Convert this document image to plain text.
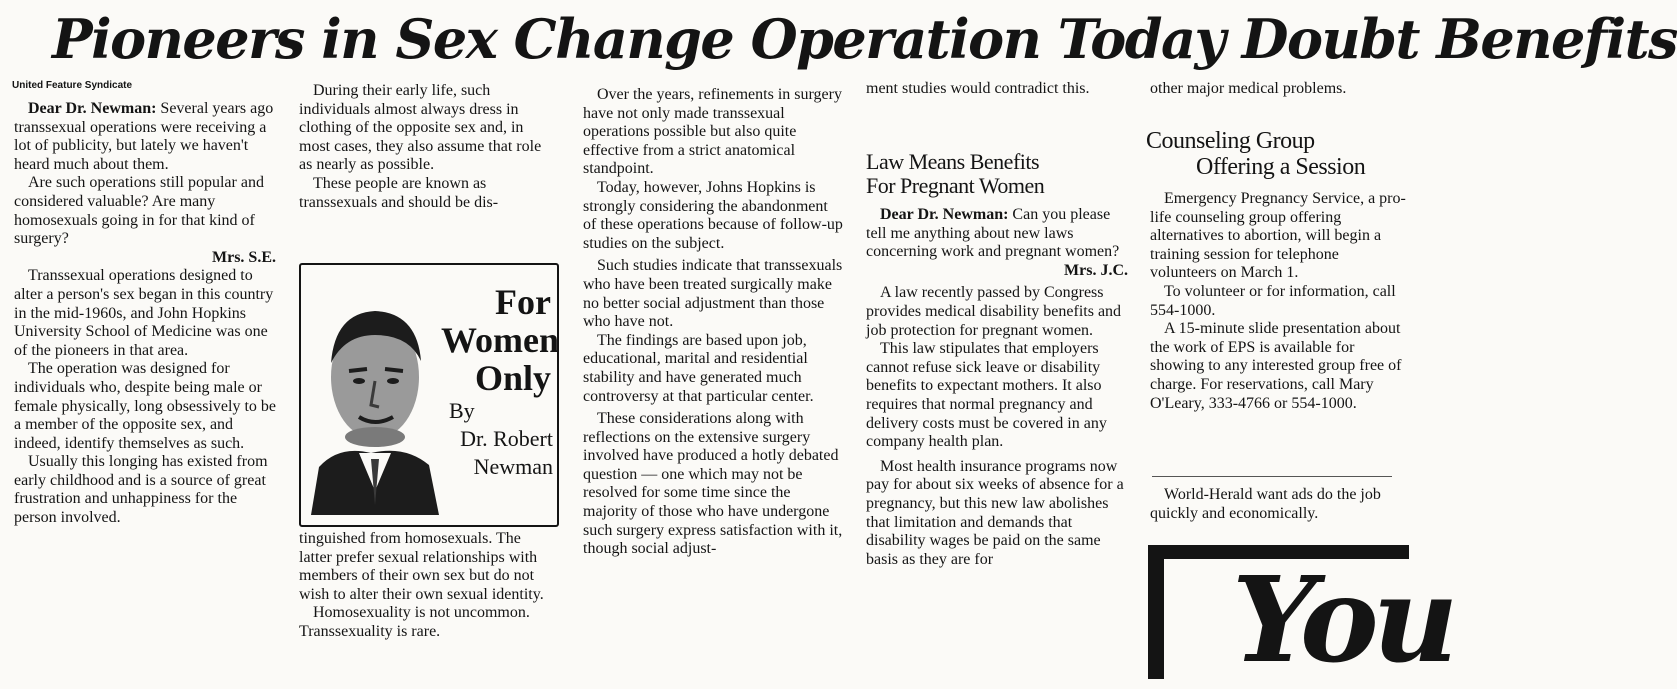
Pioneers in Sex Change Operation Today Doubt Benefits
United Feature Syndicate

Dear Dr. Newman: Several years ago transsexual operations were receiving a lot of publicity, but lately we haven't heard much about them.

Are such operations still popular and considered valuable? Are many homosexuals going in for that kind of surgery?

Mrs. S.E.

Transsexual operations designed to alter a person's sex began in this country in the mid-1960s, and John Hopkins University School of Medicine was one of the pioneers in that area.

The operation was designed for individuals who, despite being male or female physically, long obsessively to be a member of the opposite sex, and indeed, identify themselves as such.

Usually this longing has existed from early childhood and is a source of great frustration and unhappiness for the person involved.

During their early life, such individuals almost always dress in clothing of the opposite sex and, in most cases, they also assume that role as nearly as possible.

These people are known as transsexuals and should be dis-

For Women Only
By
Dr. Robert Newman

tinguished from homosexuals. The latter prefer sexual relationships with members of their own sex but do not wish to alter their own sexual identity.

Homosexuality is not uncommon. Transsexuality is rare.

Over the years, refinements in surgery have not only made transsexual operations possible but also quite effective from a strict anatomical standpoint.

Today, however, Johns Hopkins is strongly considering the abandonment of these operations because of follow-up studies on the subject.

Such studies indicate that transsexuals who have been treated surgically make no better social adjustment than those who have not.

The findings are based upon job, educational, marital and residential stability and have generated much controversy at that particular center.

These considerations along with reflections on the extensive surgery involved have produced a hotly debated question — one which may not be resolved for some time since the majority of those who have undergone such surgery express satisfaction with it, though social adjust-

ment studies would contradict this.

Law Means Benefits
For Pregnant Women

Dear Dr. Newman: Can you please tell me anything about new laws concerning work and pregnant women?

Mrs. J.C.

A law recently passed by Congress provides medical disability benefits and job protection for pregnant women.

This law stipulates that employers cannot refuse sick leave or disability benefits to expectant mothers. It also requires that normal pregnancy and delivery costs must be covered in any company health plan.

Most health insurance programs now pay for about six weeks of absence for a pregnancy, but this new law abolishes that limitation and demands that disability wages be paid on the same basis as they are for

other major medical problems.

Counseling Group
Offering a Session

Emergency Pregnancy Service, a pro-life counseling group offering alternatives to abortion, will begin a training session for telephone volunteers on March 1.

To volunteer or for information, call 554-1000.

A 15-minute slide presentation about the work of EPS is available for showing to any interested group free of charge. For reservations, call Mary O'Leary, 333-4766 or 554-1000.

World-Herald want ads do the job quickly and economically.

You
